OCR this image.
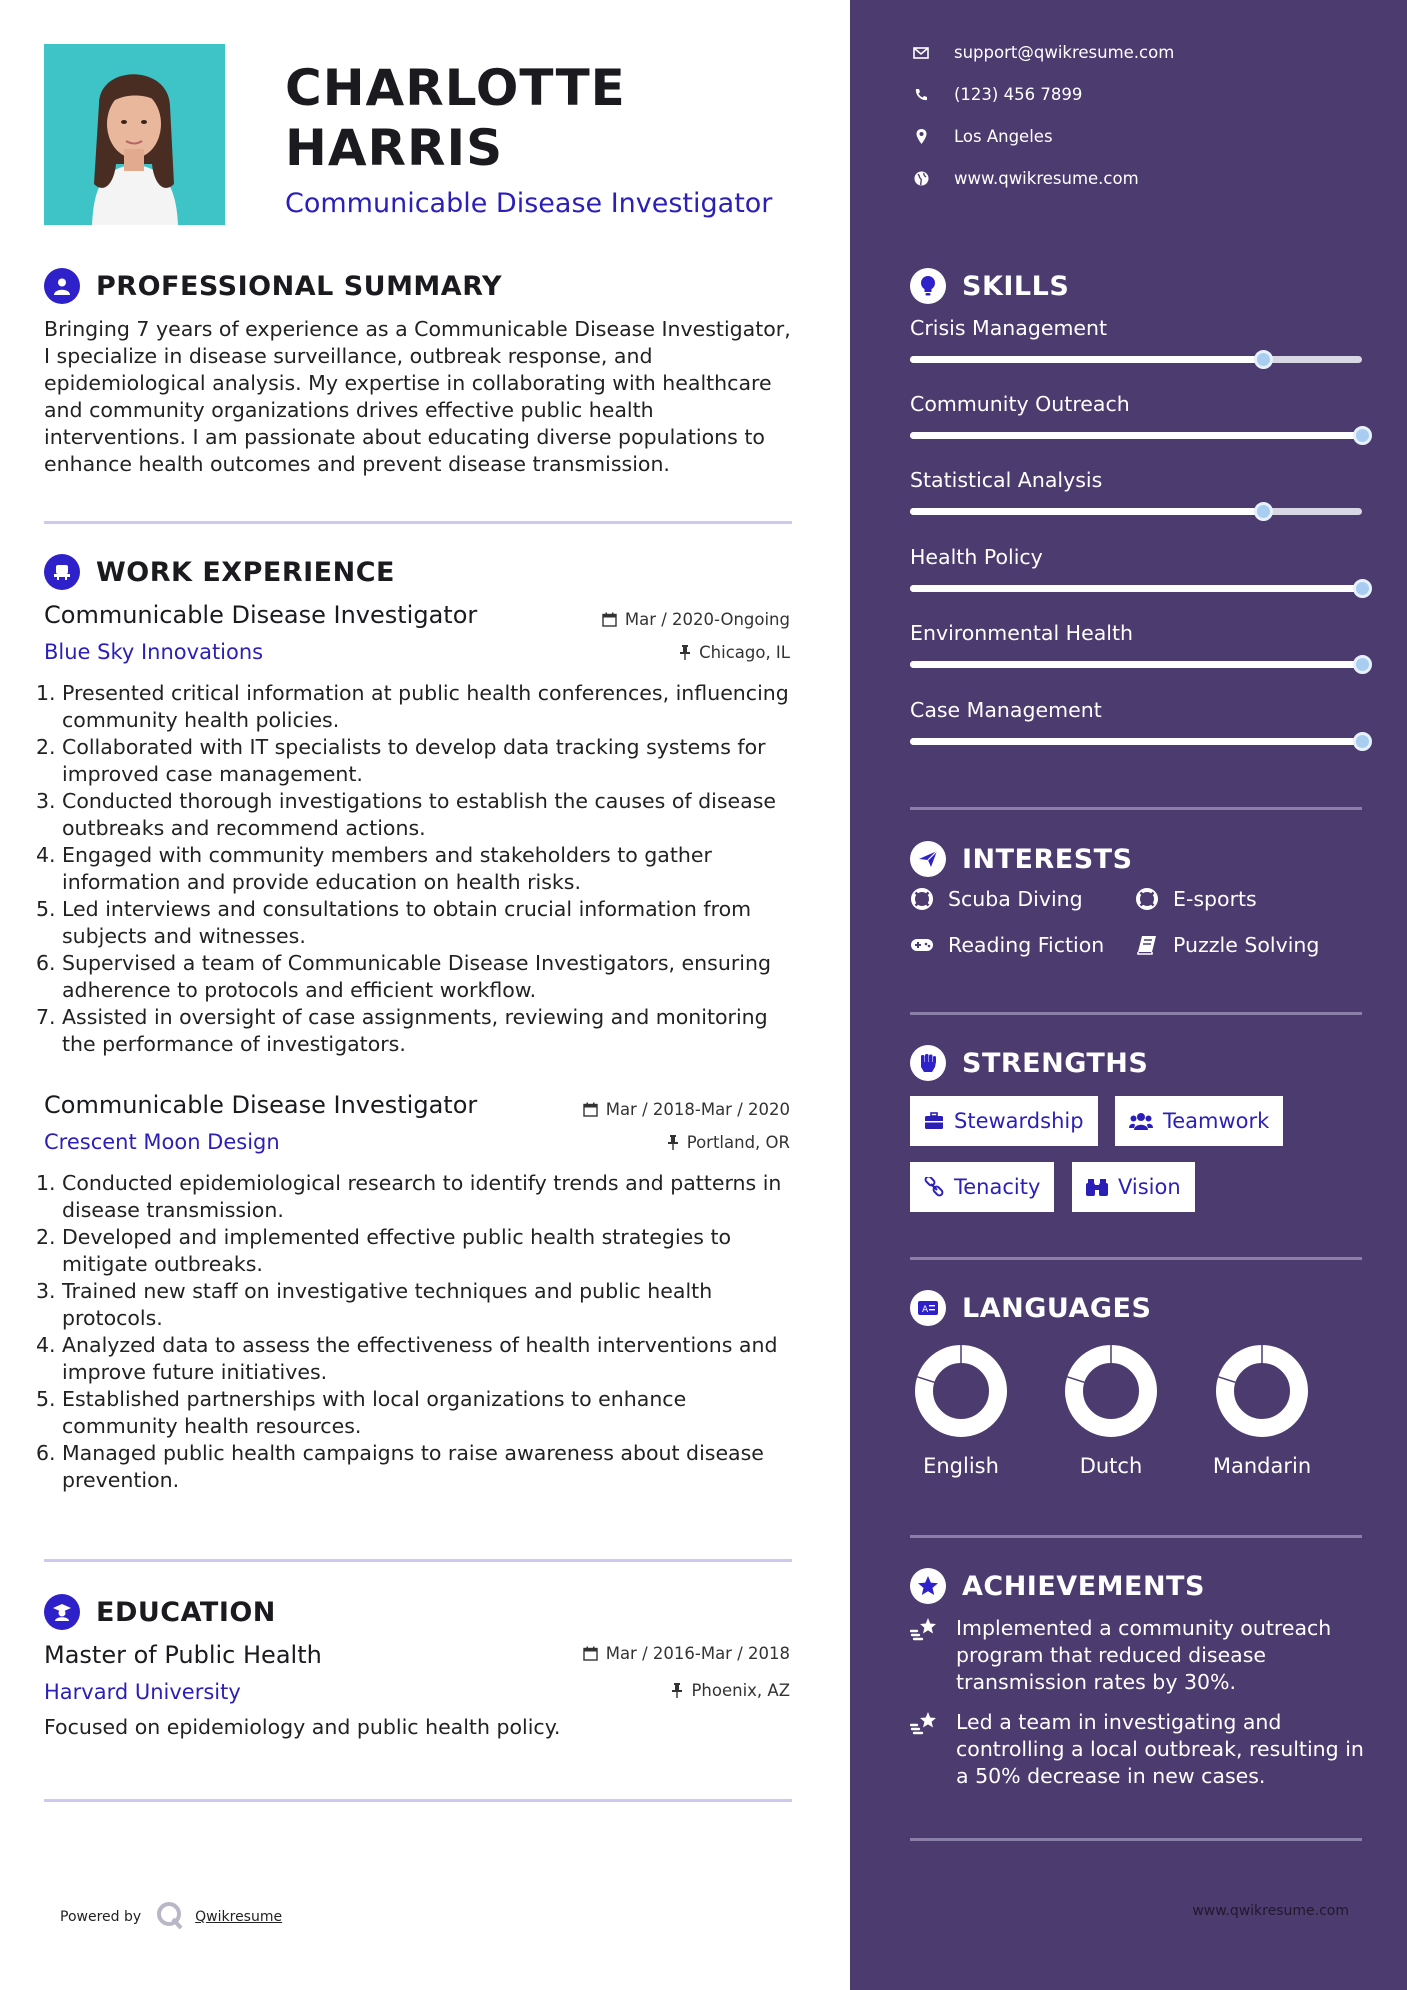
CHARLOTTE
HARRIS
Communicable Disease Investigator
PROFESSIONAL SUMMARY
Bringing 7 years of experience as a Communicable Disease Investigator, I specialize in disease surveillance, outbreak response, and epidemiological analysis. My expertise in collaborating with healthcare and community organizations drives effective public health interventions. I am passionate about educating diverse populations to enhance health outcomes and prevent disease transmission.
WORK EXPERIENCE
Communicable Disease Investigator	Mar / 2020-Ongoing
Blue Sky Innovations	Chicago, IL
1. Presented critical information at public health conferences, influencing community health policies.
2. Collaborated with IT specialists to develop data tracking systems for improved case management.
3. Conducted thorough investigations to establish the causes of disease outbreaks and recommend actions.
4. Engaged with community members and stakeholders to gather information and provide education on health risks.
5. Led interviews and consultations to obtain crucial information from subjects and witnesses.
6. Supervised a team of Communicable Disease Investigators, ensuring adherence to protocols and efficient workflow.
7. Assisted in oversight of case assignments, reviewing and monitoring the performance of investigators.
Communicable Disease Investigator	Mar / 2018-Mar / 2020
Crescent Moon Design	Portland, OR
1. Conducted epidemiological research to identify trends and patterns in disease transmission.
2. Developed and implemented effective public health strategies to mitigate outbreaks.
3. Trained new staff on investigative techniques and public health protocols.
4. Analyzed data to assess the effectiveness of health interventions and improve future initiatives.
5. Established partnerships with local organizations to enhance community health resources.
6. Managed public health campaigns to raise awareness about disease prevention.
EDUCATION
Master of Public Health	Mar / 2016-Mar / 2018
Harvard University	Phoenix, AZ
Focused on epidemiology and public health policy.
Powered by	Qwikresume
support@qwikresume.com
(123) 456 7899
Los Angeles
www.qwikresume.com
SKILLS
Crisis Management
Community Outreach
Statistical Analysis
Health Policy
Environmental Health
Case Management
INTERESTS
Scuba Diving	E-sports
Reading Fiction	Puzzle Solving
STRENGTHS
Stewardship	Teamwork
Tenacity	Vision
A LANGUAGES
English	Dutch	Mandarin
ACHIEVEMENTS
Implemented a community outreach program that reduced disease transmission rates by 30%.
Led a team in investigating and controlling a local outbreak, resulting in a 50% decrease in new cases.
www.qwikresume.com
